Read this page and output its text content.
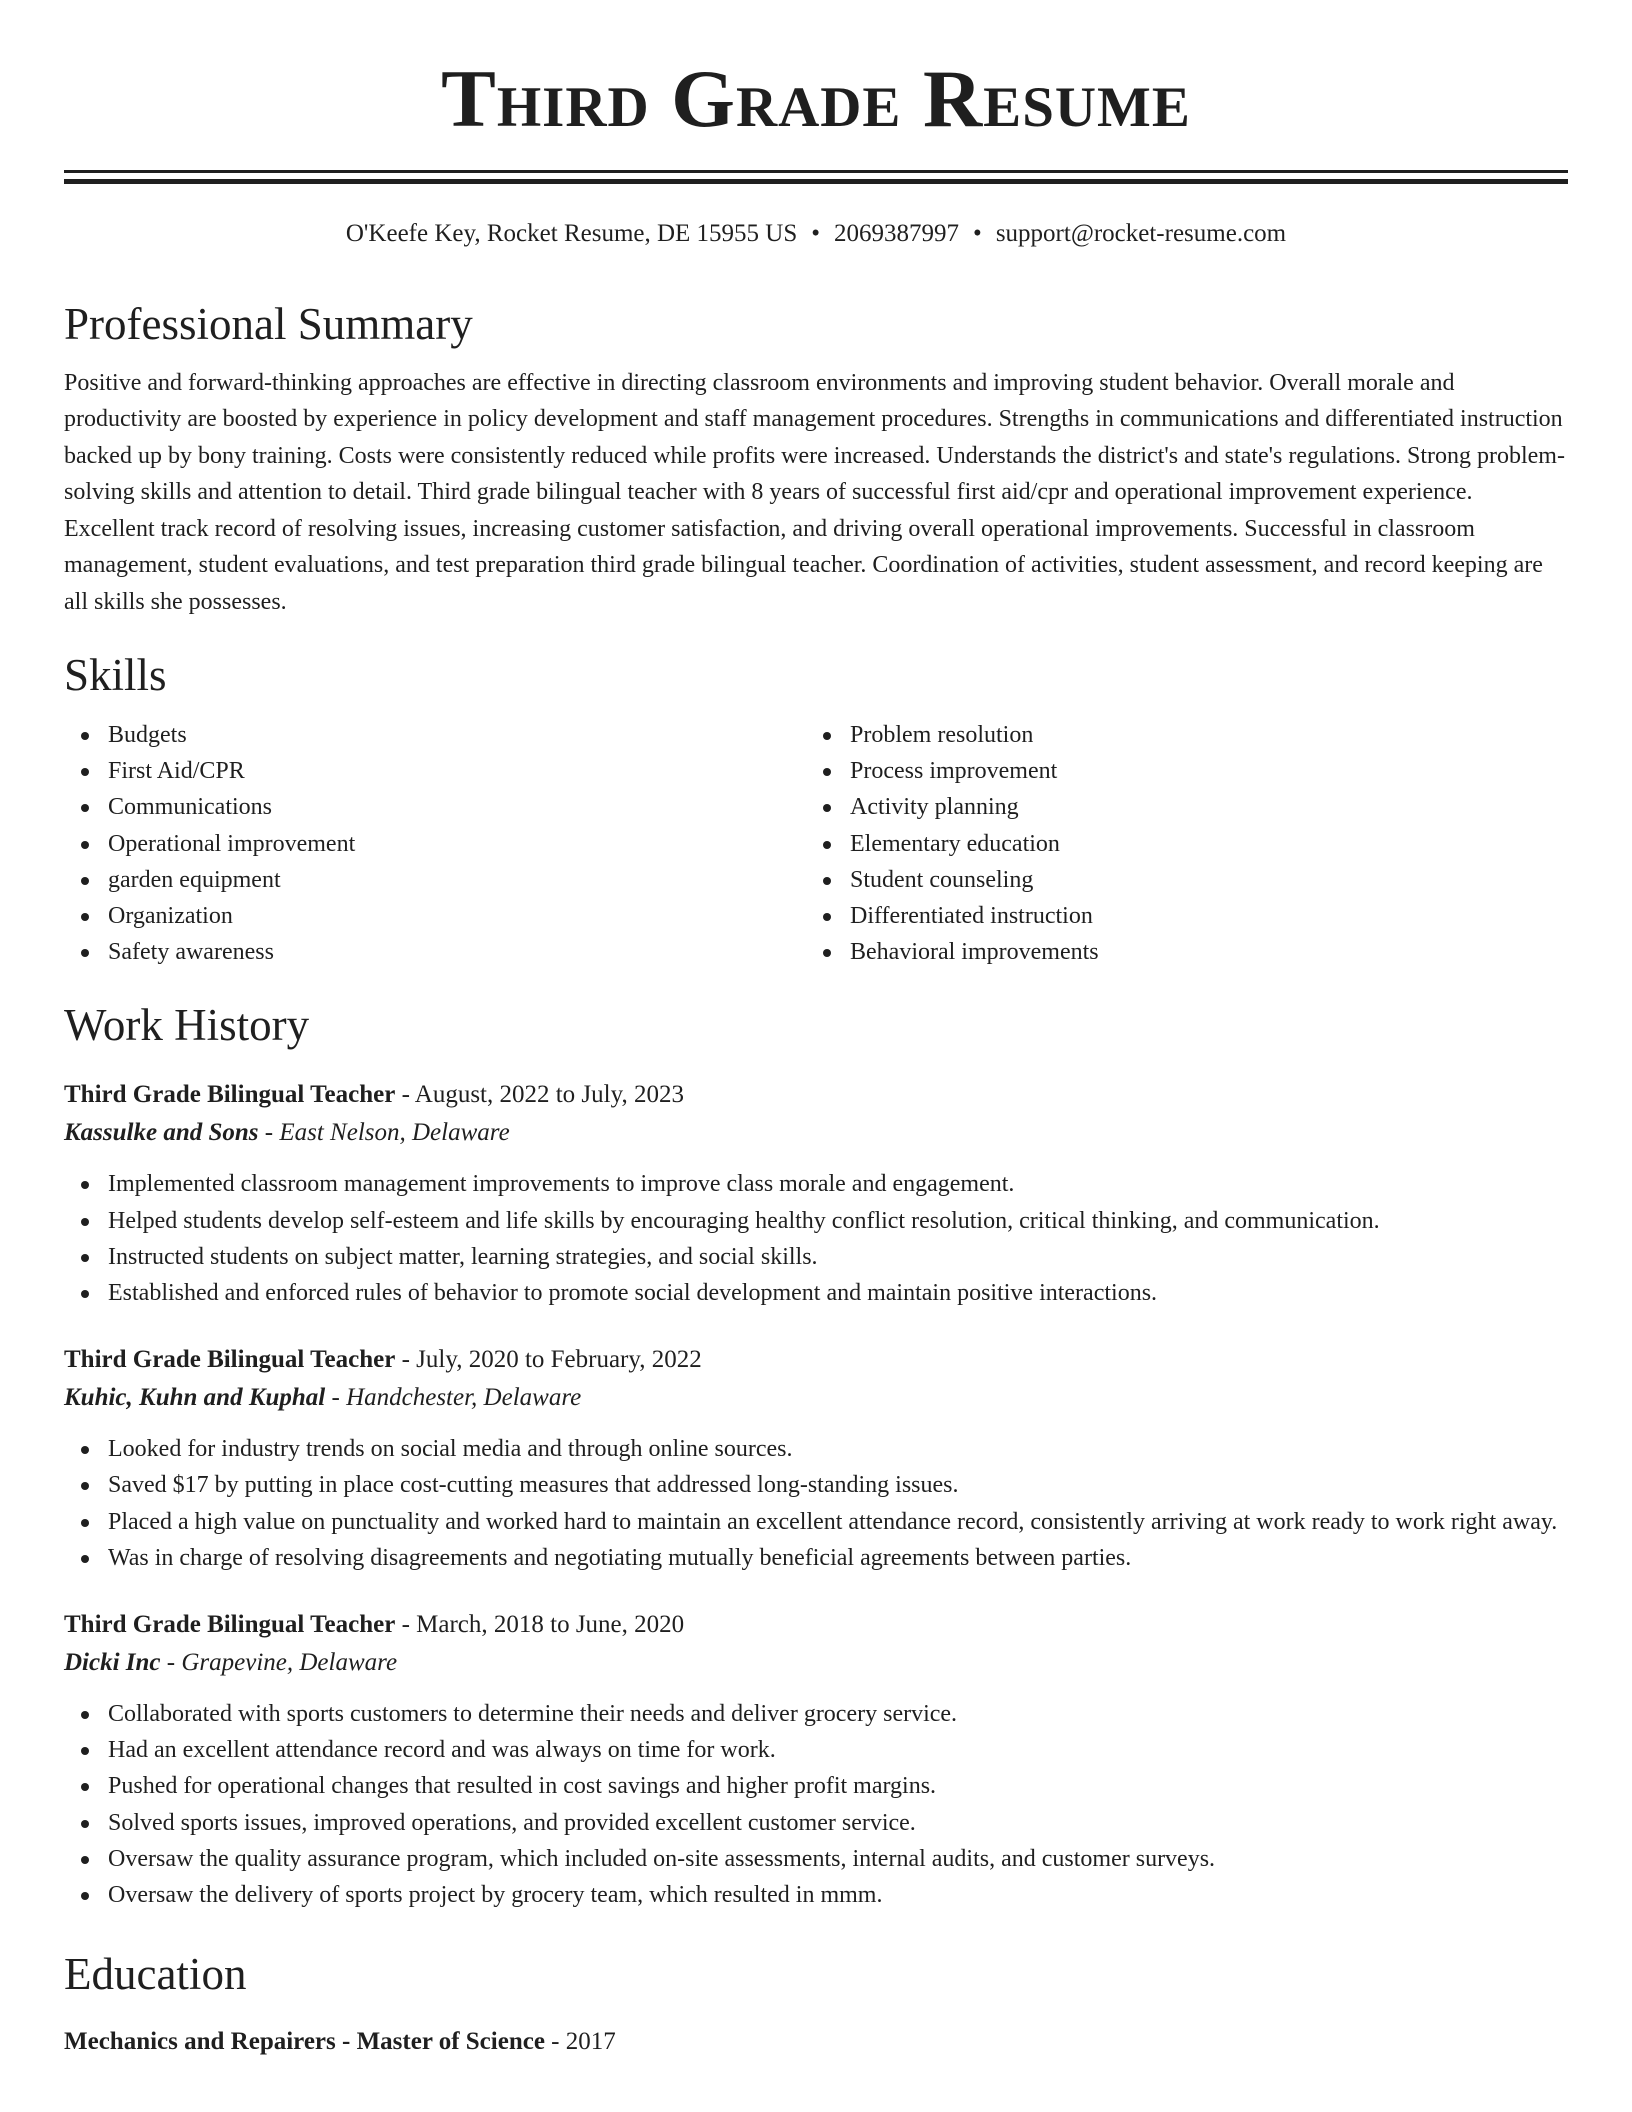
Third Grade Resume
O'Keefe Key, Rocket Resume, DE 15955 US • 2069387997 • support@rocket-resume.com
Professional Summary

Positive and forward-thinking approaches are effective in directing classroom environments and improving student behavior. Overall morale and productivity are boosted by experience in policy development and staff management procedures. Strengths in communications and differentiated instruction backed up by bony training. Costs were consistently reduced while profits were increased. Understands the district's and state's regulations. Strong problem-solving skills and attention to detail. Third grade bilingual teacher with 8 years of successful first aid/cpr and operational improvement experience. Excellent track record of resolving issues, increasing customer satisfaction, and driving overall operational improvements. Successful in classroom management, student evaluations, and test preparation third grade bilingual teacher. Coordination of activities, student assessment, and record keeping are all skills she possesses.

Skills
Budgets
First Aid/CPR
Communications
Operational improvement
garden equipment
Organization
Safety awareness
Problem resolution
Process improvement
Activity planning
Elementary education
Student counseling
Differentiated instruction
Behavioral improvements
Work History
Third Grade Bilingual Teacher - August, 2022 to July, 2023
Kassulke and Sons - East Nelson, Delaware
Implemented classroom management improvements to improve class morale and engagement.
Helped students develop self-esteem and life skills by encouraging healthy conflict resolution, critical thinking, and communication.
Instructed students on subject matter, learning strategies, and social skills.
Established and enforced rules of behavior to promote social development and maintain positive interactions.
Third Grade Bilingual Teacher - July, 2020 to February, 2022
Kuhic, Kuhn and Kuphal - Handchester, Delaware
Looked for industry trends on social media and through online sources.
Saved $17 by putting in place cost-cutting measures that addressed long-standing issues.
Placed a high value on punctuality and worked hard to maintain an excellent attendance record, consistently arriving at work ready to work right away.
Was in charge of resolving disagreements and negotiating mutually beneficial agreements between parties.
Third Grade Bilingual Teacher - March, 2018 to June, 2020
Dicki Inc - Grapevine, Delaware
Collaborated with sports customers to determine their needs and deliver grocery service.
Had an excellent attendance record and was always on time for work.
Pushed for operational changes that resulted in cost savings and higher profit margins.
Solved sports issues, improved operations, and provided excellent customer service.
Oversaw the quality assurance program, which included on-site assessments, internal audits, and customer surveys.
Oversaw the delivery of sports project by grocery team, which resulted in mmm.
Education
Mechanics and Repairers - Master of Science - 2017
